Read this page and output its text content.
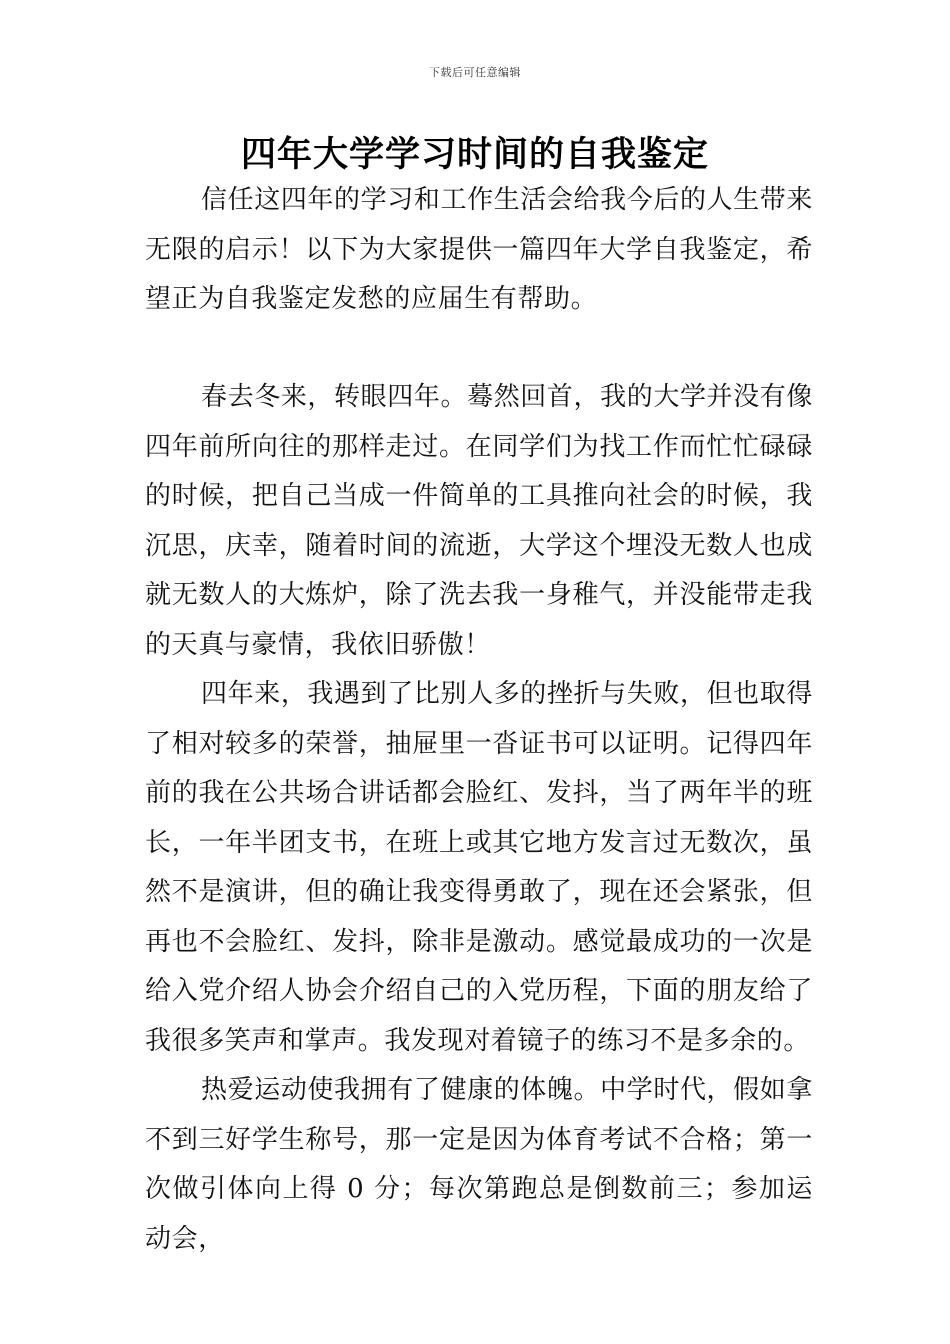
下载后可任意编辑
四年大学学习时间的自我鉴定

信任这四年的学习和工作生活会给我今后的人生带来无限的启示！以下为大家提供一篇四年大学自我鉴定，希望正为自我鉴定发愁的应届生有帮助。

春去冬来，转眼四年。蓦然回首，我的大学并没有像四年前所向往的那样走过。在同学们为找工作而忙忙碌碌的时候，把自己当成一件简单的工具推向社会的时候，我沉思，庆幸，随着时间的流逝，大学这个埋没无数人也成就无数人的大炼炉，除了洗去我一身稚气，并没能带走我的天真与豪情，我依旧骄傲！

四年来，我遇到了比别人多的挫折与失败，但也取得了相对较多的荣誉，抽屉里一沓证书可以证明。记得四年前的我在公共场合讲话都会脸红、发抖，当了两年半的班长，一年半团支书，在班上或其它地方发言过无数次，虽然不是演讲，但的确让我变得勇敢了，现在还会紧张，但再也不会脸红、发抖，除非是激动。感觉最成功的一次是给入党介绍人协会介绍自己的入党历程，下面的朋友给了我很多笑声和掌声。我发现对着镜子的练习不是多余的。

热爱运动使我拥有了健康的体魄。中学时代，假如拿不到三好学生称号，那一定是因为体育考试不合格；第一次做引体向上得 0 分；每次第跑总是倒数前三；参加运动会，
